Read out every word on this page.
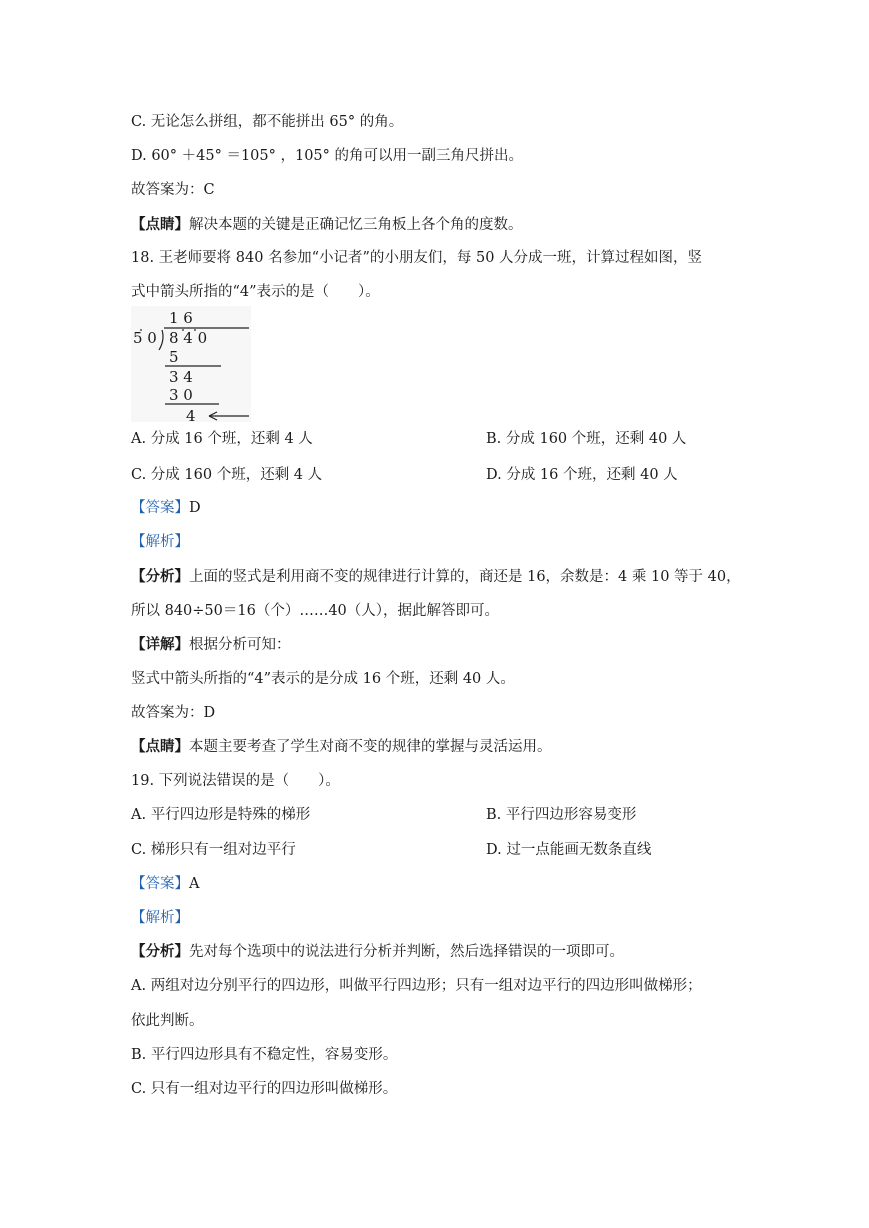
C. 无论怎么拼组，都不能拼出 65° 的角。
D. 60° ＋45° ＝105° ，105° 的角可以用一副三角尺拼出。
故答案为：C
【点睛】解决本题的关键是正确记忆三角板上各个角的度数。
18. 王老师要将 840 名参加“小记者”的小朋友们，每 50 人分成一班，计算过程如图，竖
式中箭头所指的“4”表示的是（　　）。
1 6
5 0 8 4 0
5
3 4
3 0
4
A. 分成 16 个班，还剩 4 人	B. 分成 160 个班，还剩 40 人
C. 分成 160 个班，还剩 4 人	D. 分成 16 个班，还剩 40 人
【答案】D
【解析】
【分析】上面的竖式是利用商不变的规律进行计算的，商还是 16，余数是：4 乘 10 等于 40，
所以 840÷50＝16（个）……40（人），据此解答即可。
【详解】根据分析可知：
竖式中箭头所指的“4”表示的是分成 16 个班，还剩 40 人。
故答案为：D
【点睛】本题主要考查了学生对商不变的规律的掌握与灵活运用。
19. 下列说法错误的是（　　）。
A. 平行四边形是特殊的梯形	B. 平行四边形容易变形
C. 梯形只有一组对边平行	D. 过一点能画无数条直线
【答案】A
【解析】
【分析】先对每个选项中的说法进行分析并判断，然后选择错误的一项即可。
A. 两组对边分别平行的四边形，叫做平行四边形；只有一组对边平行的四边形叫做梯形；
依此判断。
B. 平行四边形具有不稳定性，容易变形。
C. 只有一组对边平行的四边形叫做梯形。
